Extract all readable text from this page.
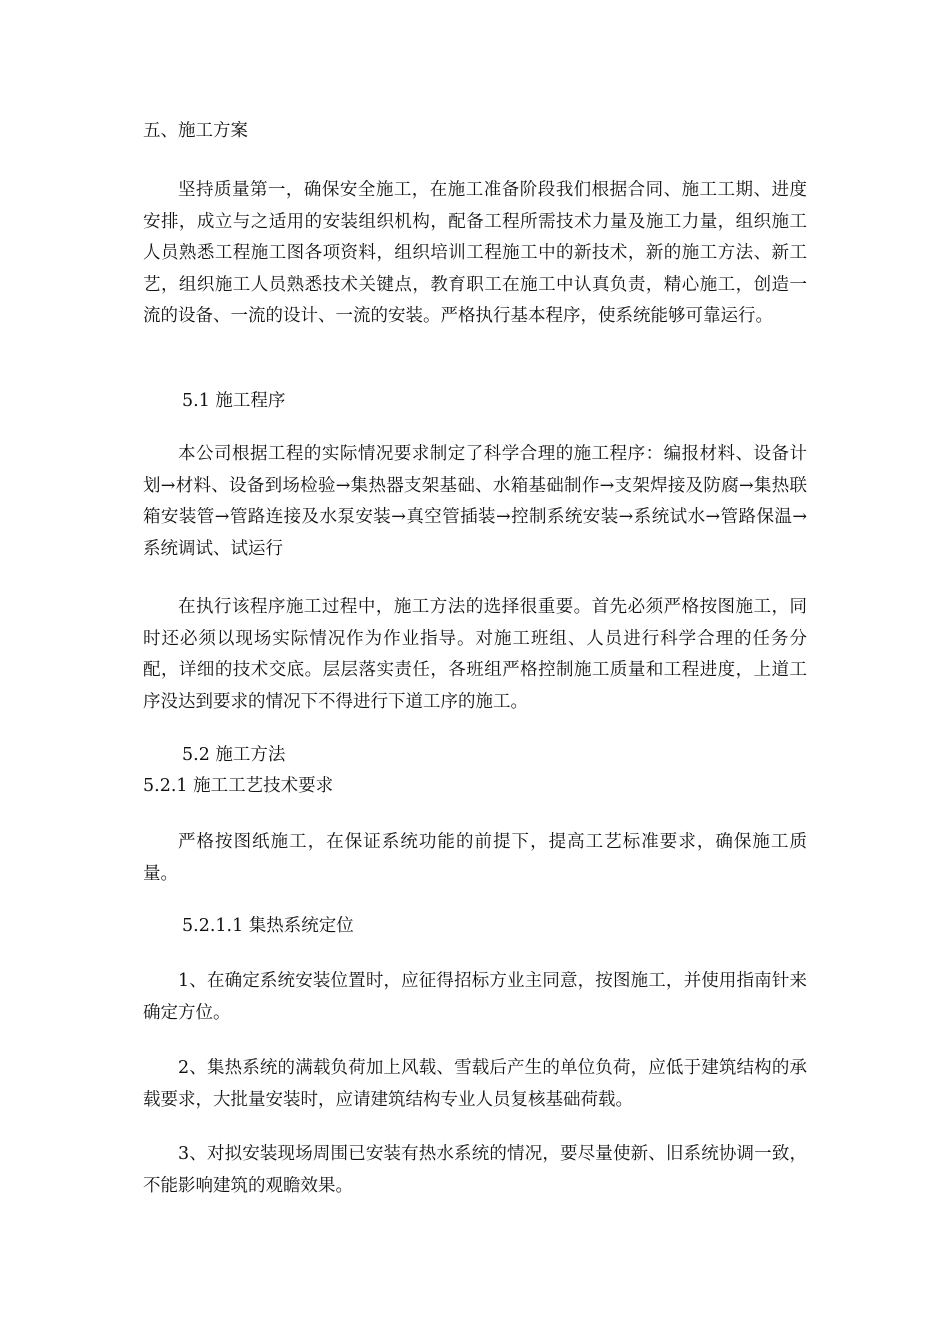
五、施工方案

坚持质量第一，确保安全施工，在施工准备阶段我们根据合同、施工工期、进度安排，成立与之适用的安装组织机构，配备工程所需技术力量及施工力量，组织施工人员熟悉工程施工图各项资料，组织培训工程施工中的新技术，新的施工方法、新工艺，组织施工人员熟悉技术关键点，教育职工在施工中认真负责，精心施工，创造一流的设备、一流的设计、一流的安装。严格执行基本程序，使系统能够可靠运行。

5.1 施工程序

本公司根据工程的实际情况要求制定了科学合理的施工程序：编报材料、设备计划→材料、设备到场检验→集热器支架基础、水箱基础制作→支架焊接及防腐→集热联箱安装管→管路连接及水泵安装→真空管插装→控制系统安装→系统试水→管路保温→系统调试、试运行

在执行该程序施工过程中，施工方法的选择很重要。首先必须严格按图施工，同时还必须以现场实际情况作为作业指导。对施工班组、人员进行科学合理的任务分配，详细的技术交底。层层落实责任，各班组严格控制施工质量和工程进度，上道工序没达到要求的情况下不得进行下道工序的施工。

5.2 施工方法

5.2.1 施工工艺技术要求

严格按图纸施工，在保证系统功能的前提下，提高工艺标准要求，确保施工质量。

5.2.1.1 集热系统定位

1、在确定系统安装位置时，应征得招标方业主同意，按图施工，并使用指南针来确定方位。

2、集热系统的满载负荷加上风载、雪载后产生的单位负荷，应低于建筑结构的承载要求，大批量安装时，应请建筑结构专业人员复核基础荷载。

3、对拟安装现场周围已安装有热水系统的情况，要尽量使新、旧系统协调一致，不能影响建筑的观瞻效果。
